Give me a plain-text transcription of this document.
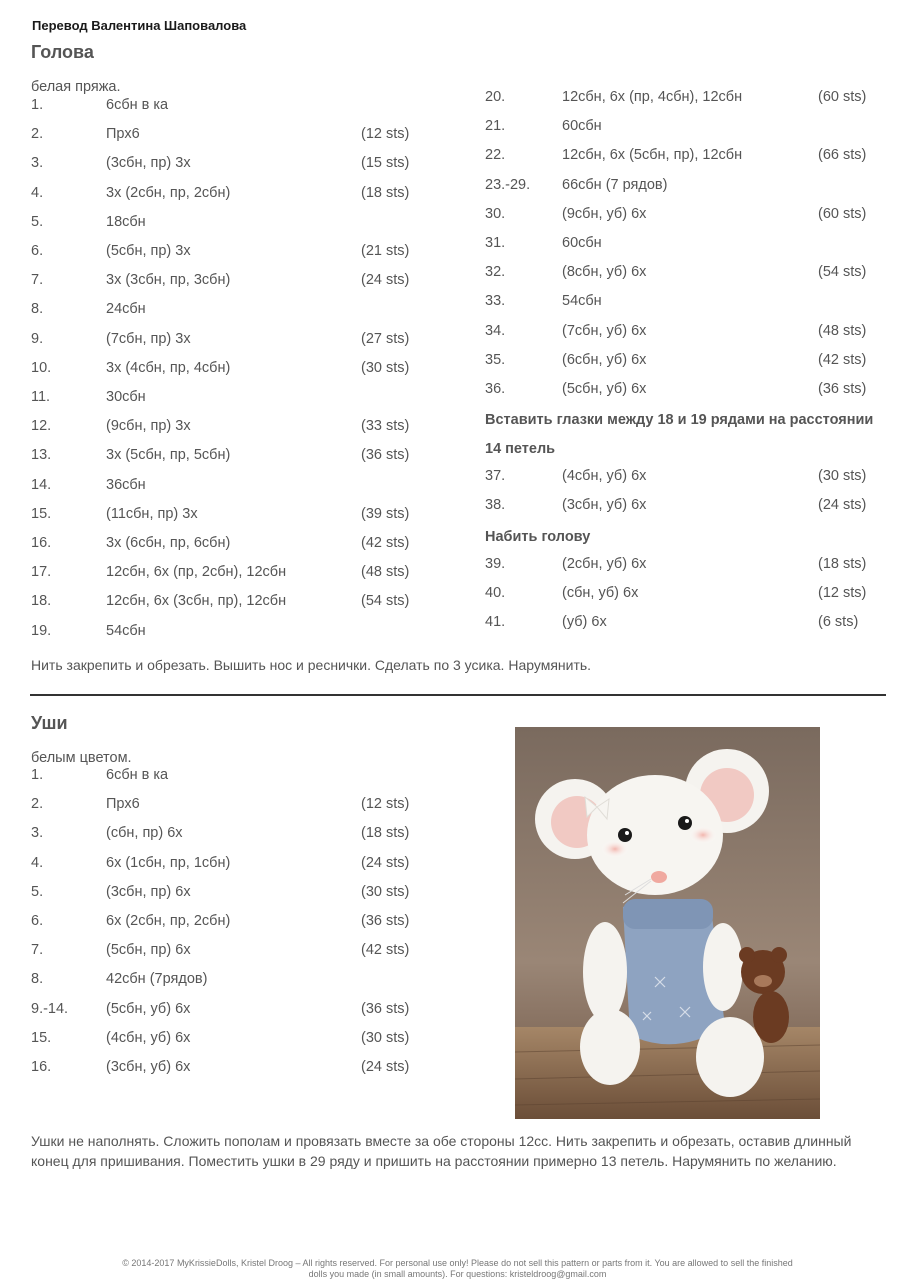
Перевод Валентина Шаповалова
Голова
белая пряжа.
1.	6сбн в ка
2.	Прх6	(12 sts)
3.	(3сбн, пр) 3х	(15 sts)
4.	3х (2сбн, пр, 2сбн)	(18 sts)
5.	18сбн
6.	(5сбн, пр) 3х	(21 sts)
7.	3х (3сбн, пр, 3сбн)	(24 sts)
8.	24сбн
9.	(7сбн, пр) 3х	(27 sts)
10.	3х (4сбн, пр, 4сбн)	(30 sts)
11.	30сбн
12.	(9сбн, пр) 3х	(33 sts)
13.	3х (5сбн, пр, 5сбн)	(36 sts)
14.	36сбн
15.	(11сбн, пр) 3х	(39 sts)
16.	3х (6сбн, пр, 6сбн)	(42 sts)
17.	12сбн, 6х (пр, 2сбн), 12сбн	(48 sts)
18.	12сбн, 6х (3сбн, пр), 12сбн	(54 sts)
19.	54сбн
20.	12сбн, 6х (пр, 4сбн), 12сбн	(60 sts)
21.	60сбн
22.	12сбн, 6х (5сбн, пр), 12сбн	(66 sts)
23.-29. 66сбн (7 рядов)
30.	(9сбн, уб) 6х	(60 sts)
31.	60сбн
32.	(8сбн, уб) 6х	(54 sts)
33.	54сбн
34.	(7сбн, уб) 6х	(48 sts)
35.	(6сбн, уб) 6х	(42 sts)
36.	(5сбн, уб) 6х	(36 sts)
37.	(4сбн, уб) 6х	(30 sts)
38.	(3сбн, уб) 6х	(24 sts)
39.	(2сбн, уб) 6х	(18 sts)
40.	(сбн, уб) 6х	(12 sts)
41.	(уб) 6х	(6 sts)
Вставить глазки между 18 и 19 рядами на расстоянии 14 петель
Набить голову
Нить закрепить и обрезать. Вышить нос и реснички. Сделать по 3 усика. Нарумянить.
Уши
белым цветом.
1.	6сбн в ка
2.	Прх6	(12 sts)
3.	(сбн, пр) 6х	(18 sts)
4.	6х (1сбн, пр, 1сбн)	(24 sts)
5.	(3сбн, пр) 6х	(30 sts)
6.	6х (2сбн, пр, 2сбн)	(36 sts)
7.	(5сбн, пр) 6х	(42 sts)
8.	42сбн (7рядов)
9.-14.	(5сбн, уб) 6х	(36 sts)
15.	(4сбн, уб) 6х	(30 sts)
16.	(3сбн, уб) 6х	(24 sts)
Ушки не наполнять. Сложить пополам и провязать вместе за обе стороны 12сс. Нить закрепить и обрезать, оставив длинный конец для пришивания. Поместить ушки в 29 ряду и пришить на расстоянии примерно 13 петель. Нарумянить по желанию.
© 2014-2017 MyKrissieDolls, Kristel Droog – All rights reserved. For personal use only! Please do not sell this pattern or parts from it. You are allowed to sell the finished
dolls you made (in small amounts). For questions: kristeldroog@gmail.com
